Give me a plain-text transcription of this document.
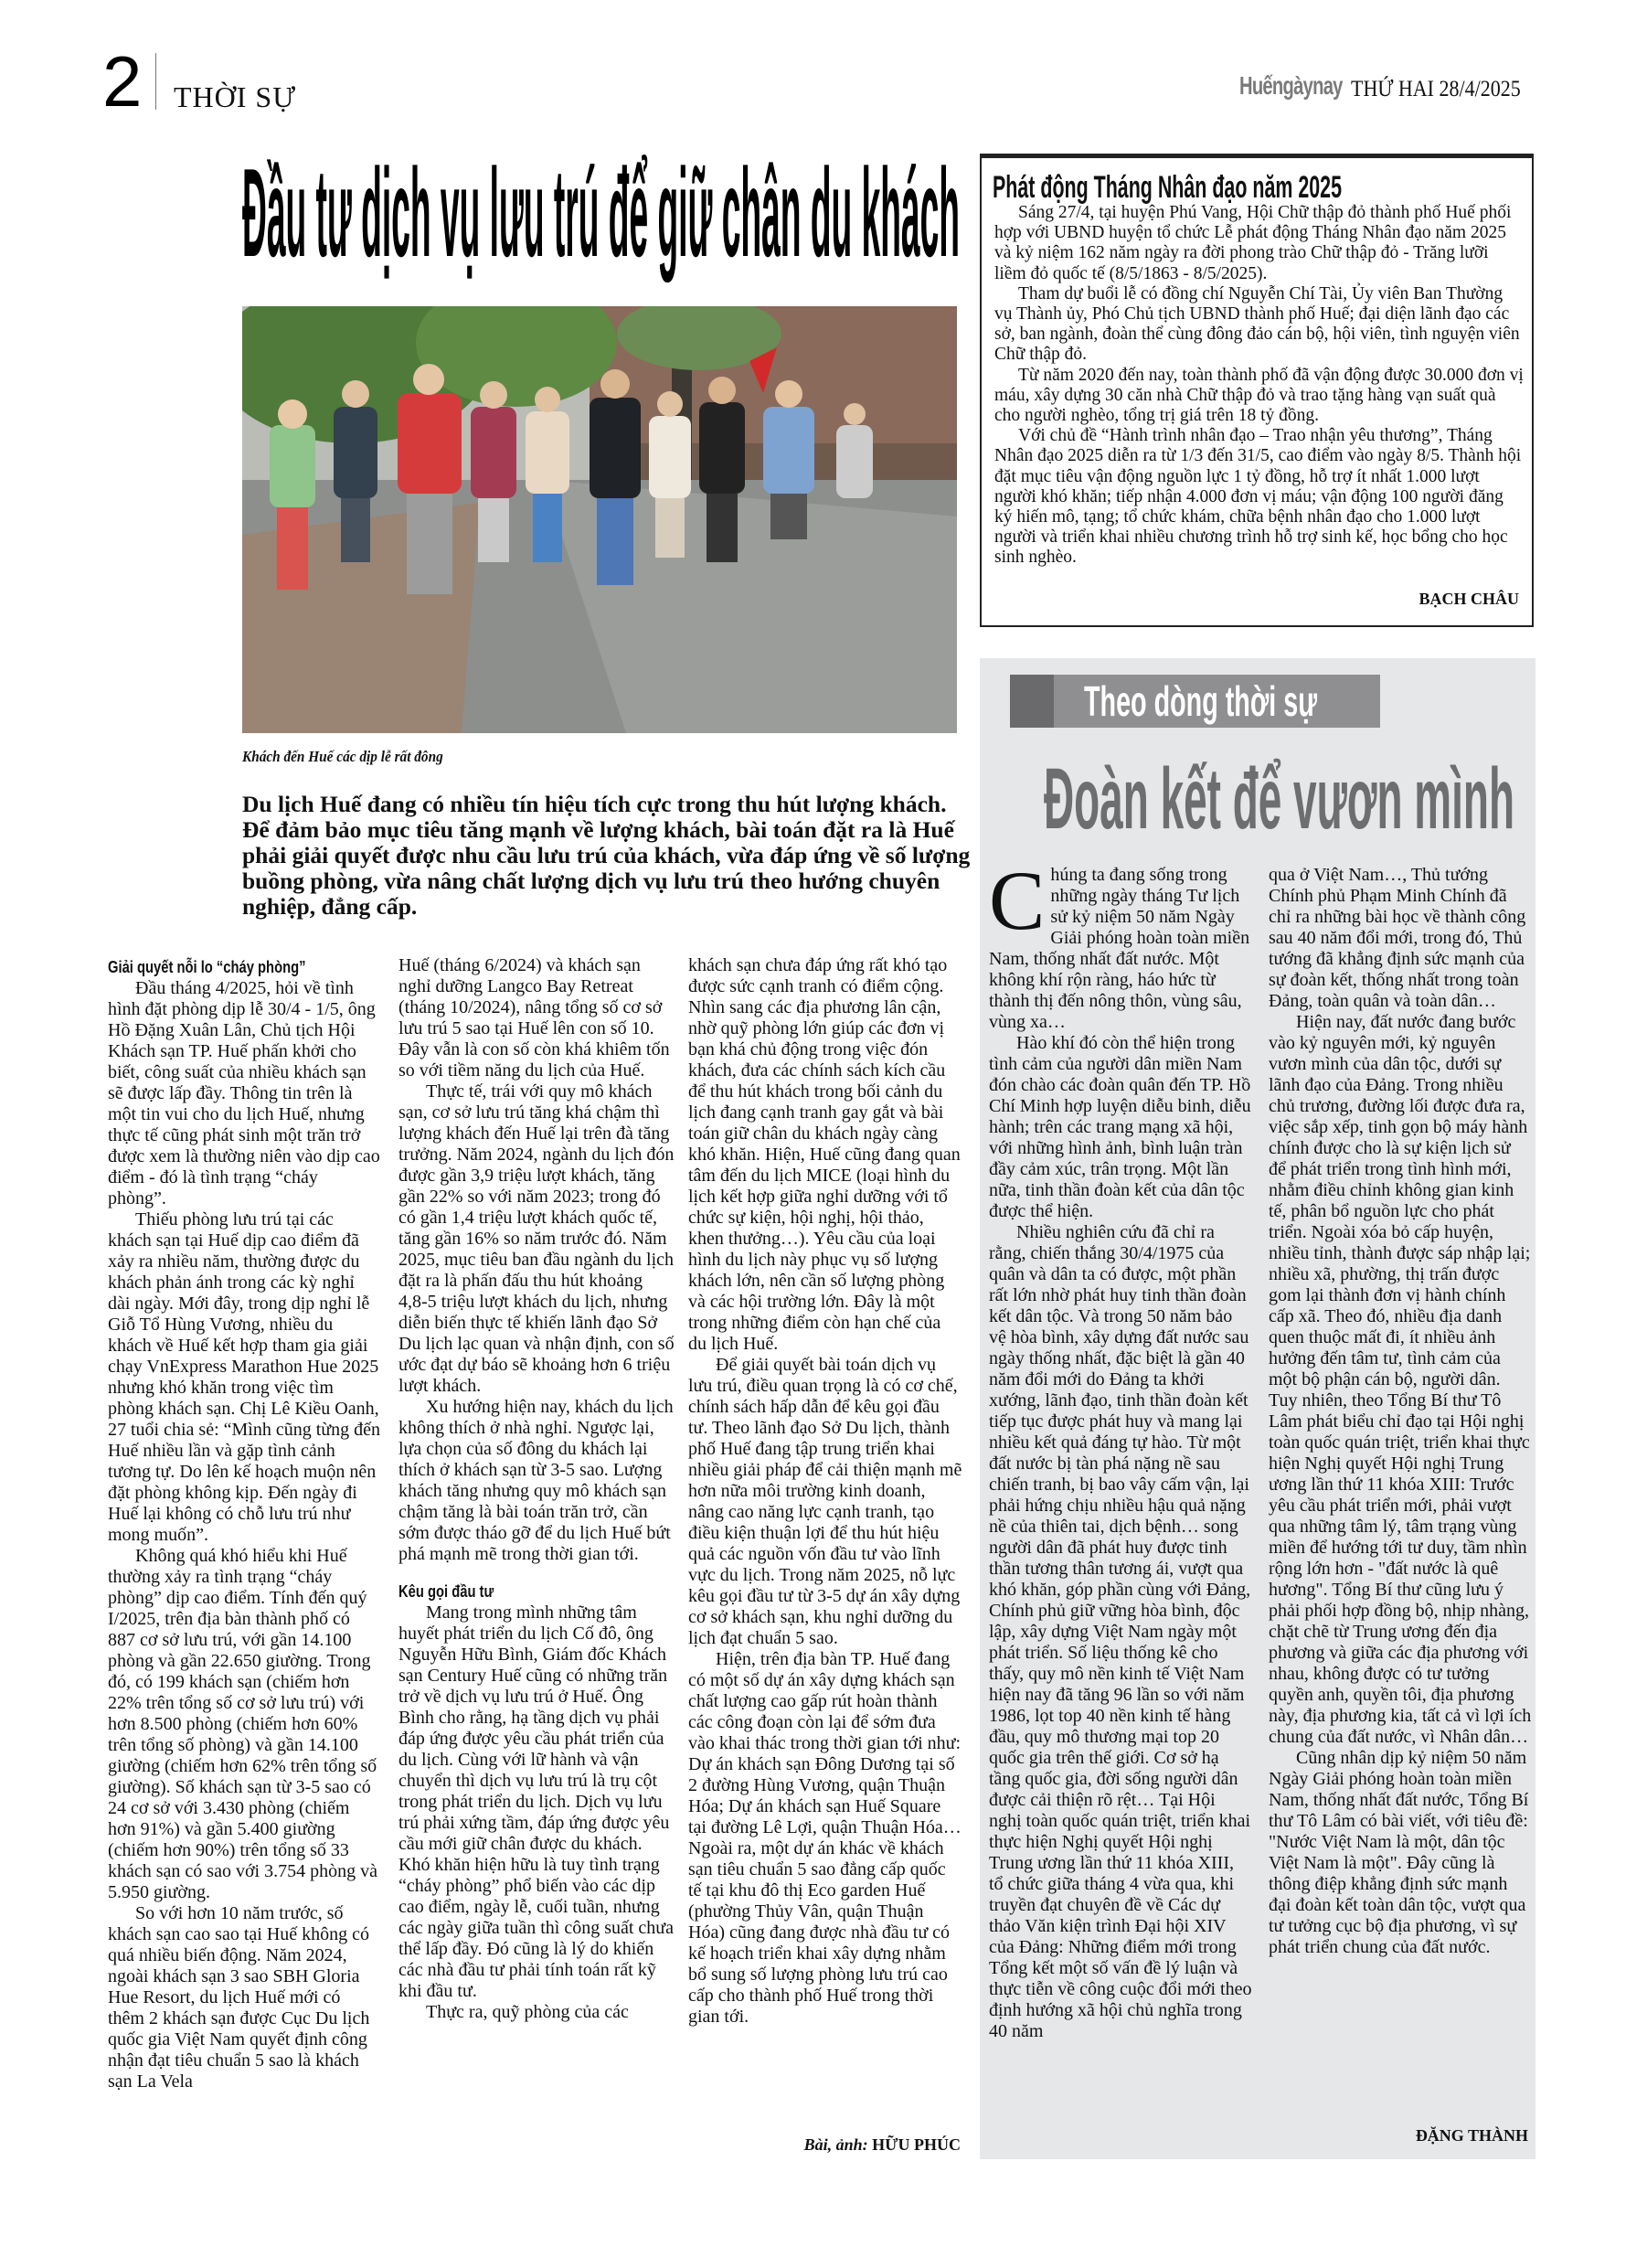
2 THỜI SỰ	Huếngàynay THỨ HAI 28/4/2025
Đầu tư dịch vụ lưu trú để giữ chân du khách
Khách đến Huế các dịp lễ rất đông
Du lịch Huế đang có nhiều tín hiệu tích cực trong thu hút lượng khách. Để đảm bảo mục tiêu tăng mạnh về lượng khách, bài toán đặt ra là Huế phải giải quyết được nhu cầu lưu trú của khách, vừa đáp ứng về số lượng buồng phòng, vừa nâng chất lượng dịch vụ lưu trú theo hướng chuyên nghiệp, đẳng cấp.
Giải quyết nỗi lo “cháy phòng”

Đầu tháng 4/2025, hỏi về tình hình đặt phòng dịp lễ 30/4 - 1/5, ông Hồ Đặng Xuân Lân, Chủ tịch Hội Khách sạn TP. Huế phấn khởi cho biết, công suất của nhiều khách sạn sẽ được lấp đầy. Thông tin trên là một tin vui cho du lịch Huế, nhưng thực tế cũng phát sinh một trăn trở được xem là thường niên vào dịp cao điểm - đó là tình trạng “cháy phòng”.

Thiếu phòng lưu trú tại các khách sạn tại Huế dịp cao điểm đã xảy ra nhiều năm, thường được du khách phản ánh trong các kỳ nghỉ dài ngày. Mới đây, trong dịp nghỉ lễ Giỗ Tổ Hùng Vương, nhiều du khách về Huế kết hợp tham gia giải chạy VnExpress Marathon Hue 2025 nhưng khó khăn trong việc tìm phòng khách sạn. Chị Lê Kiều Oanh, 27 tuổi chia sẻ: “Mình cũng từng đến Huế nhiều lần và gặp tình cảnh tương tự. Do lên kế hoạch muộn nên đặt phòng không kịp. Đến ngày đi Huế lại không có chỗ lưu trú như mong muốn”.

Không quá khó hiểu khi Huế thường xảy ra tình trạng “cháy phòng” dịp cao điểm. Tính đến quý I/2025, trên địa bàn thành phố có 887 cơ sở lưu trú, với gần 14.100 phòng và gần 22.650 giường. Trong đó, có 199 khách sạn (chiếm hơn 22% trên tổng số cơ sở lưu trú) với hơn 8.500 phòng (chiếm hơn 60% trên tổng số phòng) và gần 14.100 giường (chiếm hơn 62% trên tổng số giường). Số khách sạn từ 3-5 sao có 24 cơ sở với 3.430 phòng (chiếm hơn 91%) và gần 5.400 giường (chiếm hơn 90%) trên tổng số 33 khách sạn có sao với 3.754 phòng và 5.950 giường.

So với hơn 10 năm trước, số khách sạn cao sao tại Huế không có quá nhiều biến động. Năm 2024, ngoài khách sạn 3 sao SBH Gloria Hue Resort, du lịch Huế mới có thêm 2 khách sạn được Cục Du lịch quốc gia Việt Nam quyết định công nhận đạt tiêu chuẩn 5 sao là khách sạn La Vela

Huế (tháng 6/2024) và khách sạn nghỉ dưỡng Langco Bay Retreat (tháng 10/2024), nâng tổng số cơ sở lưu trú 5 sao tại Huế lên con số 10. Đây vẫn là con số còn khá khiêm tốn so với tiềm năng du lịch của Huế.

Thực tế, trái với quy mô khách sạn, cơ sở lưu trú tăng khá chậm thì lượng khách đến Huế lại trên đà tăng trưởng. Năm 2024, ngành du lịch đón được gần 3,9 triệu lượt khách, tăng gần 22% so với năm 2023; trong đó có gần 1,4 triệu lượt khách quốc tế, tăng gần 16% so năm trước đó. Năm 2025, mục tiêu ban đầu ngành du lịch đặt ra là phấn đấu thu hút khoảng 4,8-5 triệu lượt khách du lịch, nhưng diễn biến thực tế khiến lãnh đạo Sở Du lịch lạc quan và nhận định, con số ước đạt dự báo sẽ khoảng hơn 6 triệu lượt khách.

Xu hướng hiện nay, khách du lịch không thích ở nhà nghỉ. Ngược lại, lựa chọn của số đông du khách lại thích ở khách sạn từ 3-5 sao. Lượng khách tăng nhưng quy mô khách sạn chậm tăng là bài toán trăn trở, cần sớm được tháo gỡ để du lịch Huế bứt phá mạnh mẽ trong thời gian tới.

Kêu gọi đầu tư

Mang trong mình những tâm huyết phát triển du lịch Cố đô, ông Nguyễn Hữu Bình, Giám đốc Khách sạn Century Huế cũng có những trăn trở về dịch vụ lưu trú ở Huế. Ông Bình cho rằng, hạ tầng dịch vụ phải đáp ứng được yêu cầu phát triển của du lịch. Cùng với lữ hành và vận chuyển thì dịch vụ lưu trú là trụ cột trong phát triển du lịch. Dịch vụ lưu trú phải xứng tầm, đáp ứng được yêu cầu mới giữ chân được du khách. Khó khăn hiện hữu là tuy tình trạng “cháy phòng” phổ biến vào các dịp cao điểm, ngày lễ, cuối tuần, nhưng các ngày giữa tuần thì công suất chưa thể lấp đầy. Đó cũng là lý do khiến các nhà đầu tư phải tính toán rất kỹ khi đầu tư.

Thực ra, quỹ phòng của các

khách sạn chưa đáp ứng rất khó tạo được sức cạnh tranh có điểm cộng. Nhìn sang các địa phương lân cận, nhờ quỹ phòng lớn giúp các đơn vị bạn khá chủ động trong việc đón khách, đưa các chính sách kích cầu để thu hút khách trong bối cảnh du lịch đang cạnh tranh gay gắt và bài toán giữ chân du khách ngày càng khó khăn. Hiện, Huế cũng đang quan tâm đến du lịch MICE (loại hình du lịch kết hợp giữa nghỉ dưỡng với tổ chức sự kiện, hội nghị, hội thảo, khen thưởng…). Yêu cầu của loại hình du lịch này phục vụ số lượng khách lớn, nên cần số lượng phòng và các hội trường lớn. Đây là một trong những điểm còn hạn chế của du lịch Huế.

Để giải quyết bài toán dịch vụ lưu trú, điều quan trọng là có cơ chế, chính sách hấp dẫn để kêu gọi đầu tư. Theo lãnh đạo Sở Du lịch, thành phố Huế đang tập trung triển khai nhiều giải pháp để cải thiện mạnh mẽ hơn nữa môi trường kinh doanh, nâng cao năng lực cạnh tranh, tạo điều kiện thuận lợi để thu hút hiệu quả các nguồn vốn đầu tư vào lĩnh vực du lịch. Trong năm 2025, nỗ lực kêu gọi đầu tư từ 3-5 dự án xây dựng cơ sở khách sạn, khu nghỉ dưỡng du lịch đạt chuẩn 5 sao.

Hiện, trên địa bàn TP. Huế đang có một số dự án xây dựng khách sạn chất lượng cao gấp rút hoàn thành các công đoạn còn lại để sớm đưa vào khai thác trong thời gian tới như: Dự án khách sạn Đông Dương tại số 2 đường Hùng Vương, quận Thuận Hóa; Dự án khách sạn Huế Square tại đường Lê Lợi, quận Thuận Hóa… Ngoài ra, một dự án khác về khách sạn tiêu chuẩn 5 sao đẳng cấp quốc tế tại khu đô thị Eco garden Huế (phường Thủy Vân, quận Thuận Hóa) cũng đang được nhà đầu tư có kế hoạch triển khai xây dựng nhằm bổ sung số lượng phòng lưu trú cao cấp cho thành phố Huế trong thời gian tới.

Bài, ảnh: HỮU PHÚC
Phát động Tháng Nhân đạo năm 2025

Sáng 27/4, tại huyện Phú Vang, Hội Chữ thập đỏ thành phố Huế phối hợp với UBND huyện tổ chức Lễ phát động Tháng Nhân đạo năm 2025 và kỷ niệm 162 năm ngày ra đời phong trào Chữ thập đỏ - Trăng lưỡi liềm đỏ quốc tế (8/5/1863 - 8/5/2025).

Tham dự buổi lễ có đồng chí Nguyễn Chí Tài, Ủy viên Ban Thường vụ Thành ủy, Phó Chủ tịch UBND thành phố Huế; đại diện lãnh đạo các sở, ban ngành, đoàn thể cùng đông đảo cán bộ, hội viên, tình nguyện viên Chữ thập đỏ.

Từ năm 2020 đến nay, toàn thành phố đã vận động được 30.000 đơn vị máu, xây dựng 30 căn nhà Chữ thập đỏ và trao tặng hàng vạn suất quà cho người nghèo, tổng trị giá trên 18 tỷ đồng.

Với chủ đề “Hành trình nhân đạo – Trao nhận yêu thương”, Tháng Nhân đạo 2025 diễn ra từ 1/3 đến 31/5, cao điểm vào ngày 8/5. Thành hội đặt mục tiêu vận động nguồn lực 1 tỷ đồng, hỗ trợ ít nhất 1.000 lượt người khó khăn; tiếp nhận 4.000 đơn vị máu; vận động 100 người đăng ký hiến mô, tạng; tổ chức khám, chữa bệnh nhân đạo cho 1.000 lượt người và triển khai nhiều chương trình hỗ trợ sinh kế, học bổng cho học sinh nghèo.

BẠCH CHÂU
Theo dòng thời sự
Đoàn kết để vươn mình
C húng ta đang sống trong những ngày tháng Tư lịch sử kỷ niệm 50 năm Ngày Giải phóng hoàn toàn miền Nam, thống nhất đất nước. Một không khí rộn ràng, háo hức từ thành thị đến nông thôn, vùng sâu, vùng xa…

Hào khí đó còn thể hiện trong tình cảm của người dân miền Nam đón chào các đoàn quân đến TP. Hồ Chí Minh hợp luyện diễu binh, diễu hành; trên các trang mạng xã hội, với những hình ảnh, bình luận tràn đầy cảm xúc, trân trọng. Một lần nữa, tinh thần đoàn kết của dân tộc được thể hiện.

Nhiều nghiên cứu đã chỉ ra rằng, chiến thắng 30/4/1975 của quân và dân ta có được, một phần rất lớn nhờ phát huy tinh thần đoàn kết dân tộc. Và trong 50 năm bảo vệ hòa bình, xây dựng đất nước sau ngày thống nhất, đặc biệt là gần 40 năm đổi mới do Đảng ta khởi xướng, lãnh đạo, tinh thần đoàn kết tiếp tục được phát huy và mang lại nhiều kết quả đáng tự hào. Từ một đất nước bị tàn phá nặng nề sau chiến tranh, bị bao vây cấm vận, lại phải hứng chịu nhiều hậu quả nặng nề của thiên tai, dịch bệnh… song người dân đã phát huy được tinh thần tương thân tương ái, vượt qua khó khăn, góp phần cùng với Đảng, Chính phủ giữ vững hòa bình, độc lập, xây dựng Việt Nam ngày một phát triển. Số liệu thống kê cho thấy, quy mô nền kinh tế Việt Nam hiện nay đã tăng 96 lần so với năm 1986, lọt top 40 nền kinh tế hàng đầu, quy mô thương mại top 20 quốc gia trên thế giới. Cơ sở hạ tầng quốc gia, đời sống người dân được cải thiện rõ rệt… Tại Hội nghị toàn quốc quán triệt, triển khai thực hiện Nghị quyết Hội nghị Trung ương lần thứ 11 khóa XIII, tổ chức giữa tháng 4 vừa qua, khi truyền đạt chuyên đề về Các dự thảo Văn kiện trình Đại hội XIV của Đảng: Những điểm mới trong Tổng kết một số vấn đề lý luận và thực tiễn về công cuộc đổi mới theo định hướng xã hội chủ nghĩa trong 40 năm

qua ở Việt Nam…, Thủ tướng Chính phủ Phạm Minh Chính đã chỉ ra những bài học về thành công sau 40 năm đổi mới, trong đó, Thủ tướng đã khẳng định sức mạnh của sự đoàn kết, thống nhất trong toàn Đảng, toàn quân và toàn dân…

Hiện nay, đất nước đang bước vào kỷ nguyên mới, kỷ nguyên vươn mình của dân tộc, dưới sự lãnh đạo của Đảng. Trong nhiều chủ trương, đường lối được đưa ra, việc sắp xếp, tinh gọn bộ máy hành chính được cho là sự kiện lịch sử để phát triển trong tình hình mới, nhằm điều chỉnh không gian kinh tế, phân bổ nguồn lực cho phát triển. Ngoài xóa bỏ cấp huyện, nhiều tỉnh, thành được sáp nhập lại; nhiều xã, phường, thị trấn được gom lại thành đơn vị hành chính cấp xã. Theo đó, nhiều địa danh quen thuộc mất đi, ít nhiều ảnh hưởng đến tâm tư, tình cảm của một bộ phận cán bộ, người dân. Tuy nhiên, theo Tổng Bí thư Tô Lâm phát biểu chỉ đạo tại Hội nghị toàn quốc quán triệt, triển khai thực hiện Nghị quyết Hội nghị Trung ương lần thứ 11 khóa XIII: Trước yêu cầu phát triển mới, phải vượt qua những tâm lý, tâm trạng vùng miền để hướng tới tư duy, tầm nhìn rộng lớn hơn - "đất nước là quê hương". Tổng Bí thư cũng lưu ý phải phối hợp đồng bộ, nhịp nhàng, chặt chẽ từ Trung ương đến địa phương và giữa các địa phương với nhau, không được có tư tưởng quyền anh, quyền tôi, địa phương này, địa phương kia, tất cả vì lợi ích chung của đất nước, vì Nhân dân…

Cũng nhân dịp kỷ niệm 50 năm Ngày Giải phóng hoàn toàn miền Nam, thống nhất đất nước, Tổng Bí thư Tô Lâm có bài viết, với tiêu đề: "Nước Việt Nam là một, dân tộc Việt Nam là một". Đây cũng là thông điệp khẳng định sức mạnh đại đoàn kết toàn dân tộc, vượt qua tư tưởng cục bộ địa phương, vì sự phát triển chung của đất nước.

ĐẶNG THÀNH
